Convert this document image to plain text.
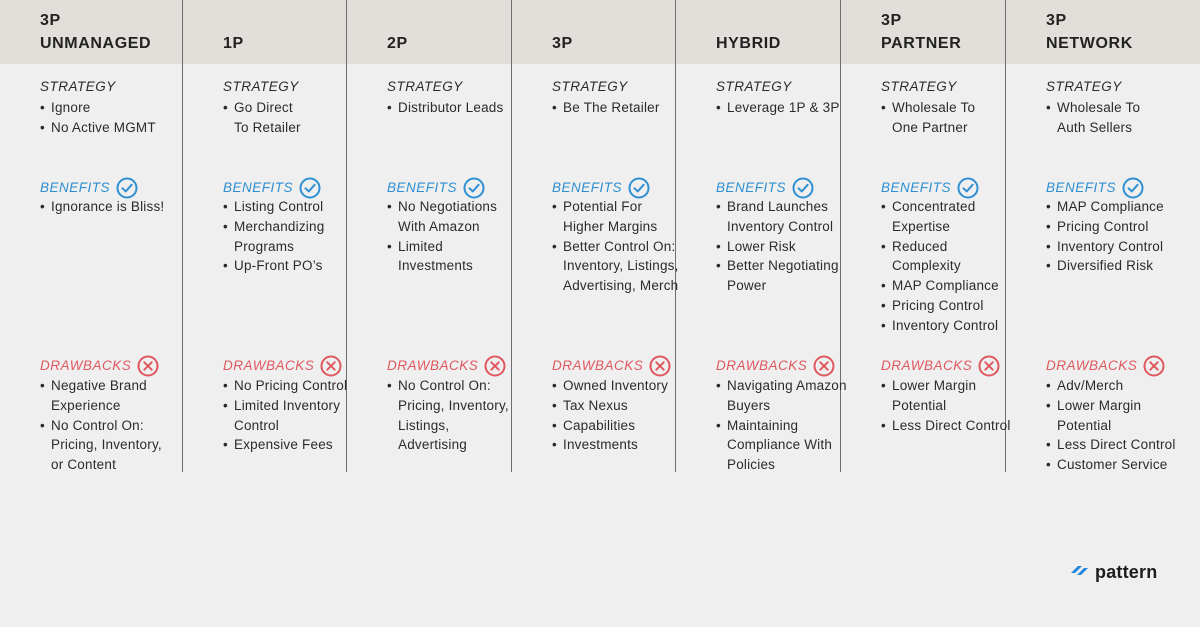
3P
UNMANAGED
STRATEGY
• Ignore
• No Active MGMT
BENEFITS
• Ignorance is Bliss!
DRAWBACKS
• Negative Brand
Experience
• No Control On:
Pricing, Inventory,
or Content
1P
STRATEGY
• Go Direct
To Retailer
BENEFITS
• Listing Control
• Merchandizing
Programs
• Up-Front PO’s
DRAWBACKS
• No Pricing Control
• Limited Inventory
Control
• Expensive Fees
2P
STRATEGY
• Distributor Leads
BENEFITS
• No Negotiations
With Amazon
• Limited
Investments
DRAWBACKS
• No Control On:
Pricing, Inventory,
Listings,
Advertising
3P
STRATEGY
• Be The Retailer
BENEFITS
• Potential For
Higher Margins
• Better Control On:
Inventory, Listings,
Advertising, Merch
DRAWBACKS
• Owned Inventory
• Tax Nexus
• Capabilities
• Investments
HYBRID
STRATEGY
• Leverage 1P & 3P
BENEFITS
• Brand Launches
Inventory Control
• Lower Risk
• Better Negotiating
Power
DRAWBACKS
• Navigating Amazon
Buyers
• Maintaining
Compliance With
Policies
3P
PARTNER
STRATEGY
• Wholesale To
One Partner
BENEFITS
• Concentrated
Expertise
• Reduced
Complexity
• MAP Compliance
• Pricing Control
• Inventory Control
DRAWBACKS
• Lower Margin
Potential
• Less Direct Control
3P
NETWORK
STRATEGY
• Wholesale To
Auth Sellers
BENEFITS
• MAP Compliance
• Pricing Control
• Inventory Control
• Diversified Risk
DRAWBACKS
• Adv/Merch
• Lower Margin
Potential
• Less Direct Control
• Customer Service
pattern
